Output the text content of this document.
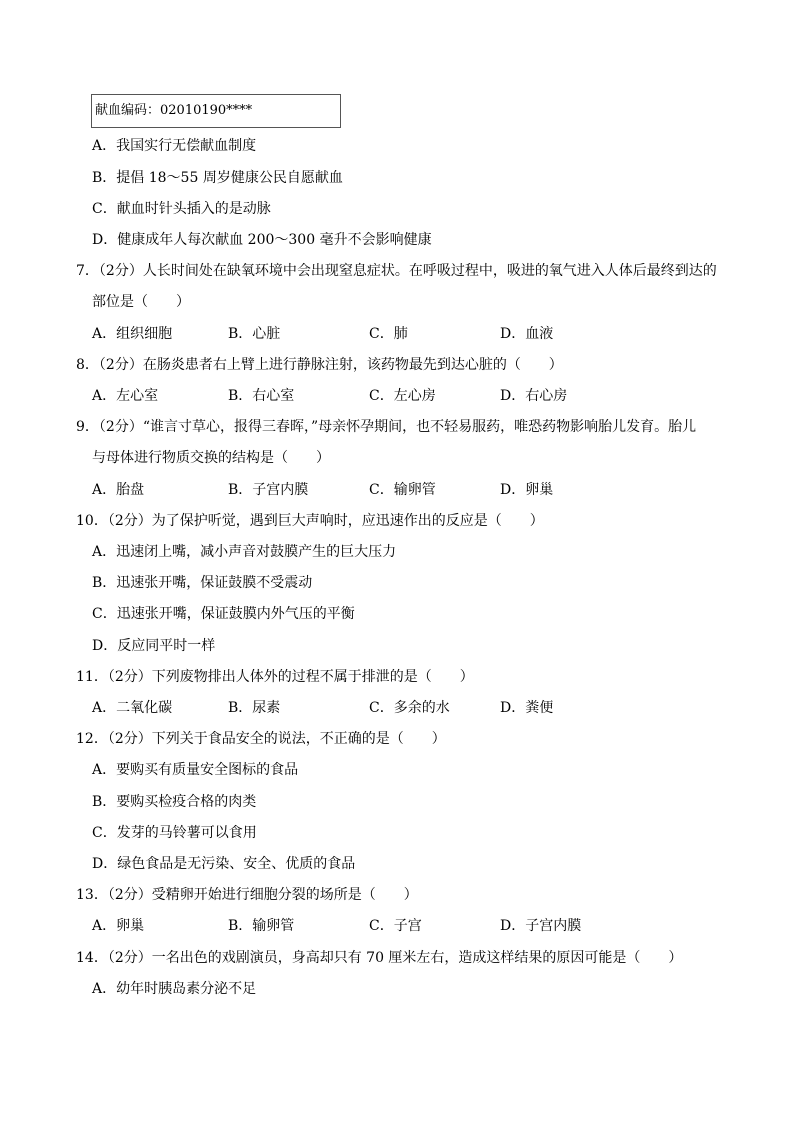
献血编码：02010190****
A．我国实行无偿献血制度
B．提倡 18～55 周岁健康公民自愿献血
C．献血时针头插入的是动脉
D．健康成年人每次献血 200～300 毫升不会影响健康
7．（2分）人长时间处在缺氧环境中会出现窒息症状。在呼吸过程中，吸进的氧气进入人体后最终到达的
部位是（　　）
A．组织细胞	B．心脏	C．肺	D．血液
8．（2分）在肠炎患者右上臂上进行静脉注射，该药物最先到达心脏的（　　）
A．左心室	B．右心室	C．左心房	D．右心房
9．（2分）“谁言寸草心，报得三春晖，”母亲怀孕期间，也不轻易服药，唯恐药物影响胎儿发育。胎儿
与母体进行物质交换的结构是（　　）
A．胎盘	B．子宫内膜	C．输卵管	D．卵巢
10．（2分）为了保护听觉，遇到巨大声响时，应迅速作出的反应是（　　）
A．迅速闭上嘴，减小声音对鼓膜产生的巨大压力
B．迅速张开嘴，保证鼓膜不受震动
C．迅速张开嘴，保证鼓膜内外气压的平衡
D．反应同平时一样
11．（2分）下列废物排出人体外的过程不属于排泄的是（　　）
A．二氧化碳	B．尿素	C．多余的水	D．粪便
12．（2分）下列关于食品安全的说法，不正确的是（　　）
A．要购买有质量安全图标的食品
B．要购买检疫合格的肉类
C．发芽的马铃薯可以食用
D．绿色食品是无污染、安全、优质的食品
13．（2分）受精卵开始进行细胞分裂的场所是（　　）
A．卵巢	B．输卵管	C．子宫	D．子宫内膜
14．（2分）一名出色的戏剧演员，身高却只有 70 厘米左右，造成这样结果的原因可能是（　　）
A．幼年时胰岛素分泌不足
